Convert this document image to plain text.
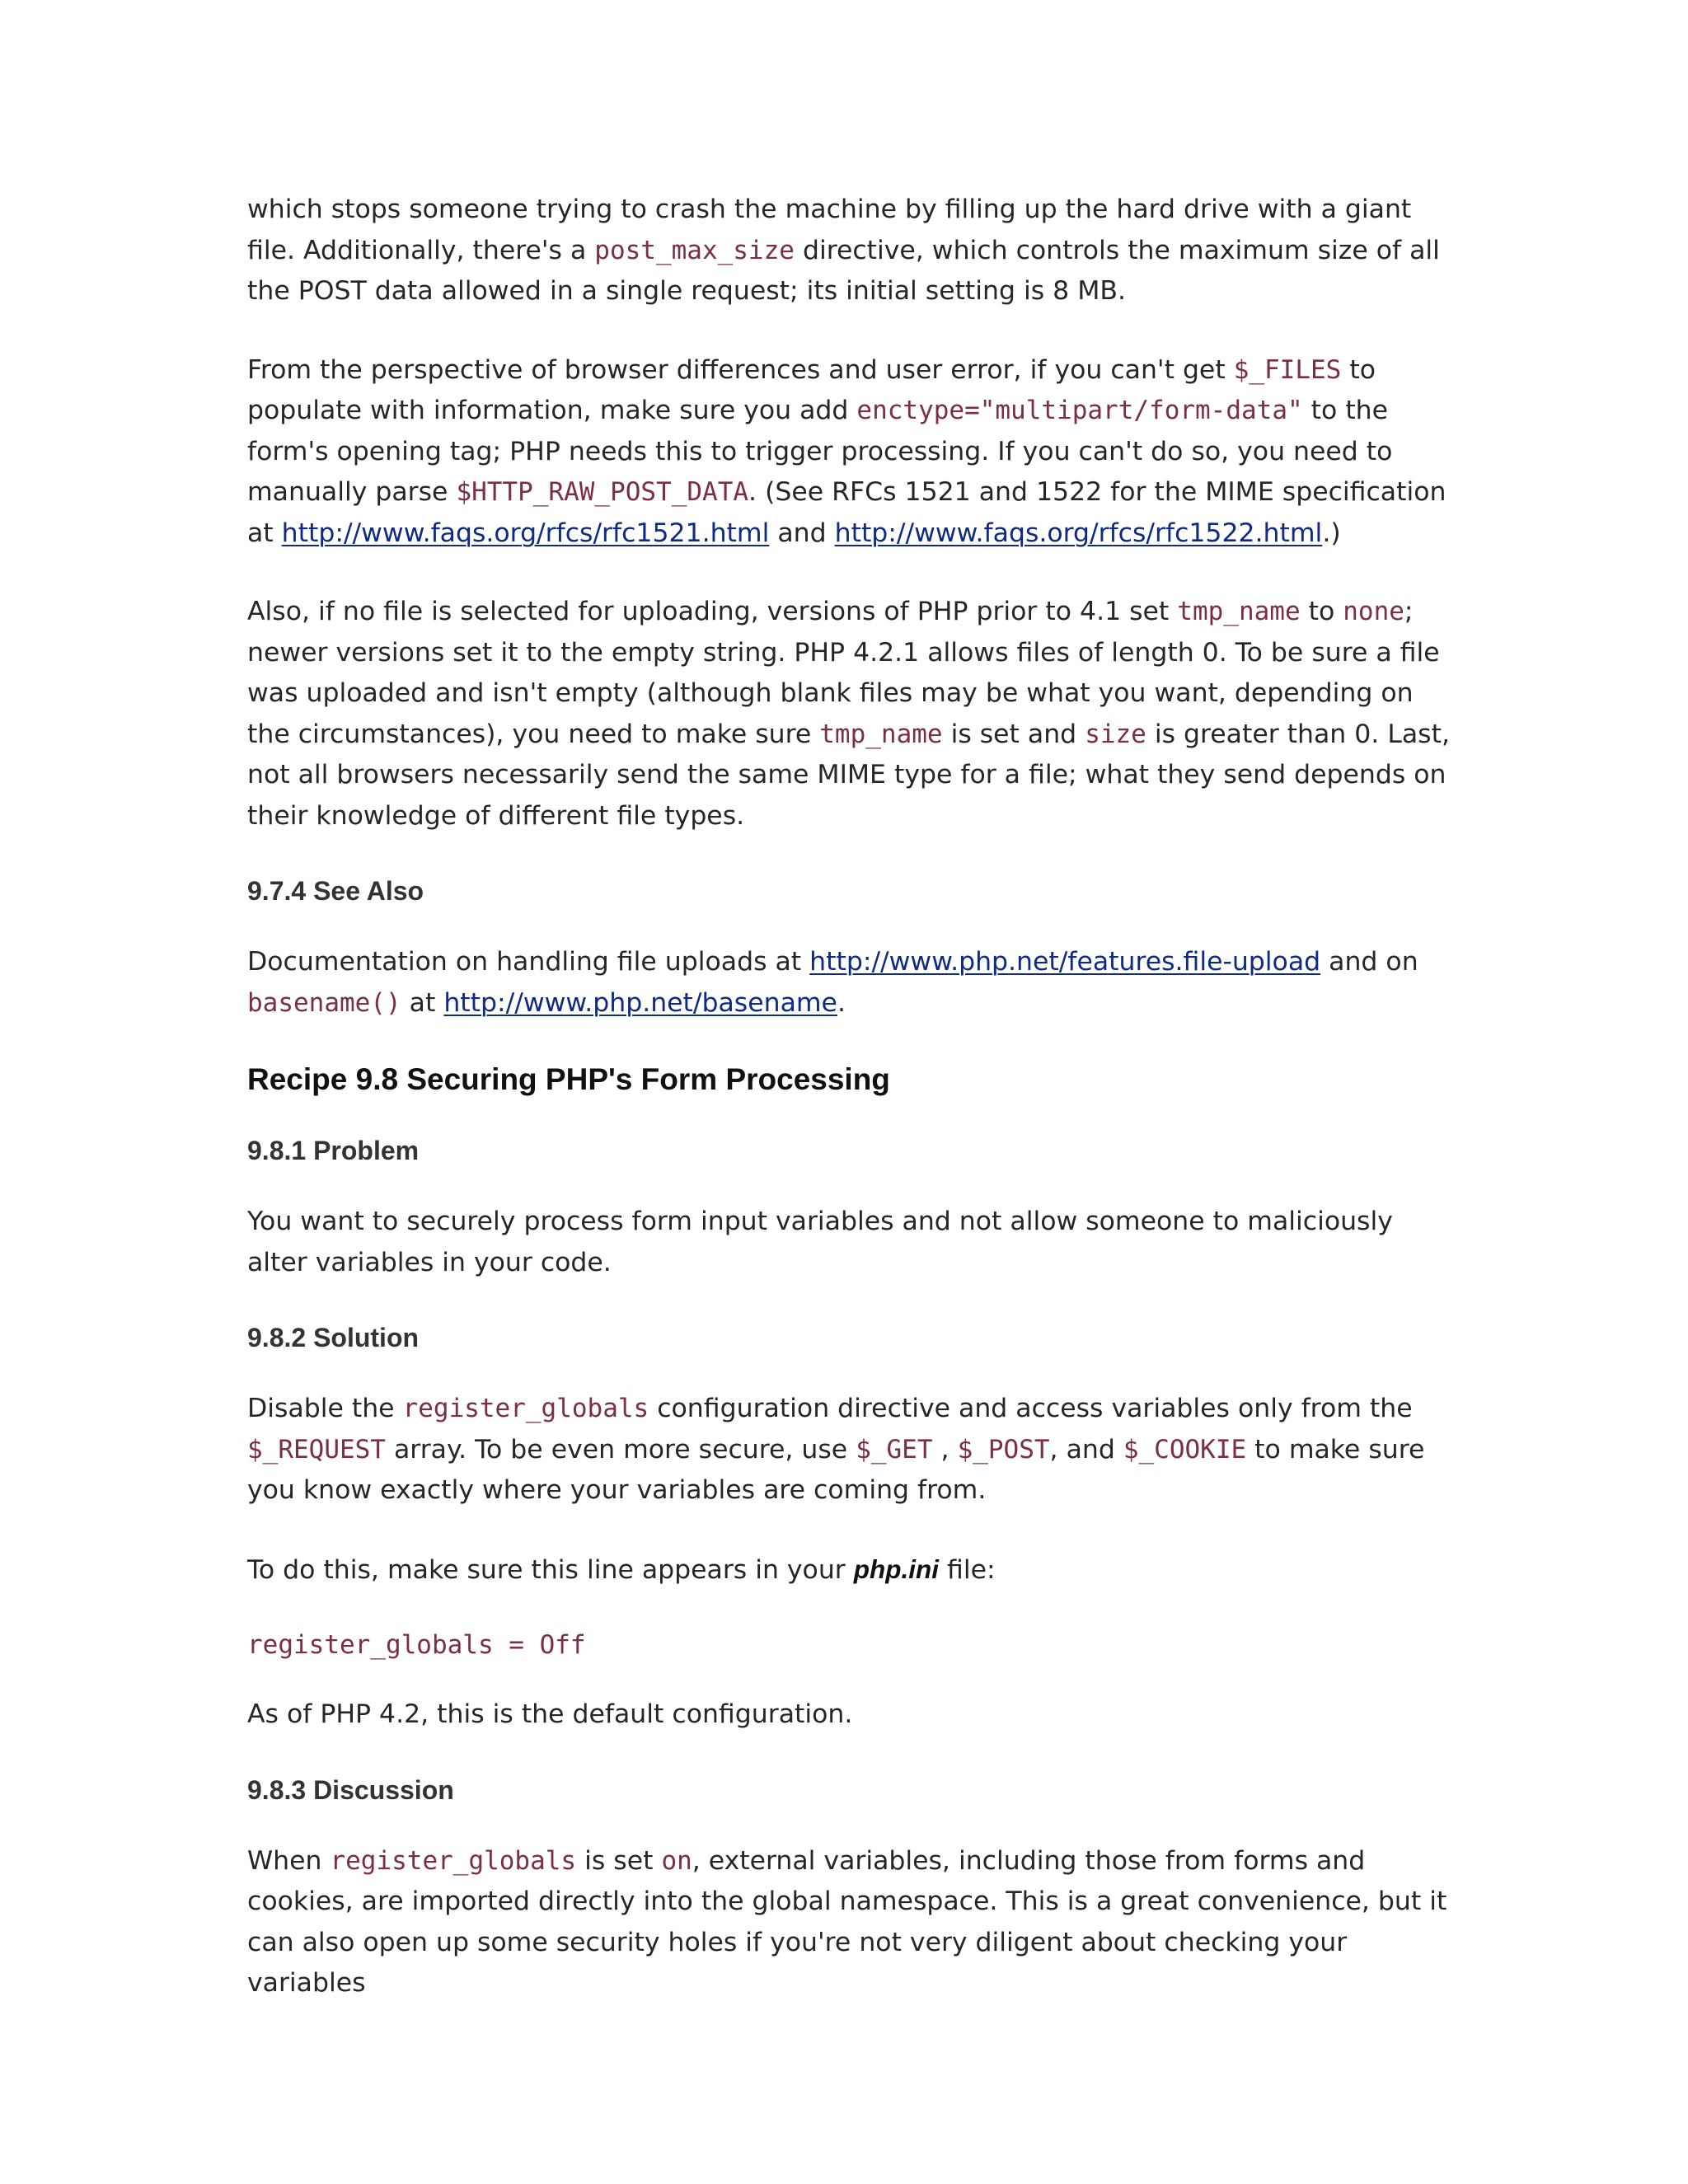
which stops someone trying to crash the machine by filling up the hard drive with a giant file. Additionally, there's a post_max_size directive, which controls the maximum size of all the POST data allowed in a single request; its initial setting is 8 MB.

From the perspective of browser differences and user error, if you can't get $_FILES to populate with information, make sure you add enctype="multipart/form-data" to the form's opening tag; PHP needs this to trigger processing. If you can't do so, you need to manually parse $HTTP_RAW_POST_DATA. (See RFCs 1521 and 1522 for the MIME specification at http://www.faqs.org/rfcs/rfc1521.html and http://www.faqs.org/rfcs/rfc1522.html.)

Also, if no file is selected for uploading, versions of PHP prior to 4.1 set tmp_name to none; newer versions set it to the empty string. PHP 4.2.1 allows files of length 0. To be sure a file was uploaded and isn't empty (although blank files may be what you want, depending on the circumstances), you need to make sure tmp_name is set and size is greater than 0. Last, not all browsers necessarily send the same MIME type for a file; what they send depends on their knowledge of different file types.

9.7.4 See Also

Documentation on handling file uploads at http://www.php.net/features.file-upload and on basename() at http://www.php.net/basename.

Recipe 9.8 Securing PHP's Form Processing
9.8.1 Problem

You want to securely process form input variables and not allow someone to maliciously alter variables in your code.

9.8.2 Solution

Disable the register_globals configuration directive and access variables only from the $_REQUEST array. To be even more secure, use $_GET , $_POST, and $_COOKIE to make sure you know exactly where your variables are coming from.

To do this, make sure this line appears in your php.ini file:

register_globals = Off

As of PHP 4.2, this is the default configuration.

9.8.3 Discussion

When register_globals is set on, external variables, including those from forms and cookies, are imported directly into the global namespace. This is a great convenience, but it can also open up some security holes if you're not very diligent about checking your variables
